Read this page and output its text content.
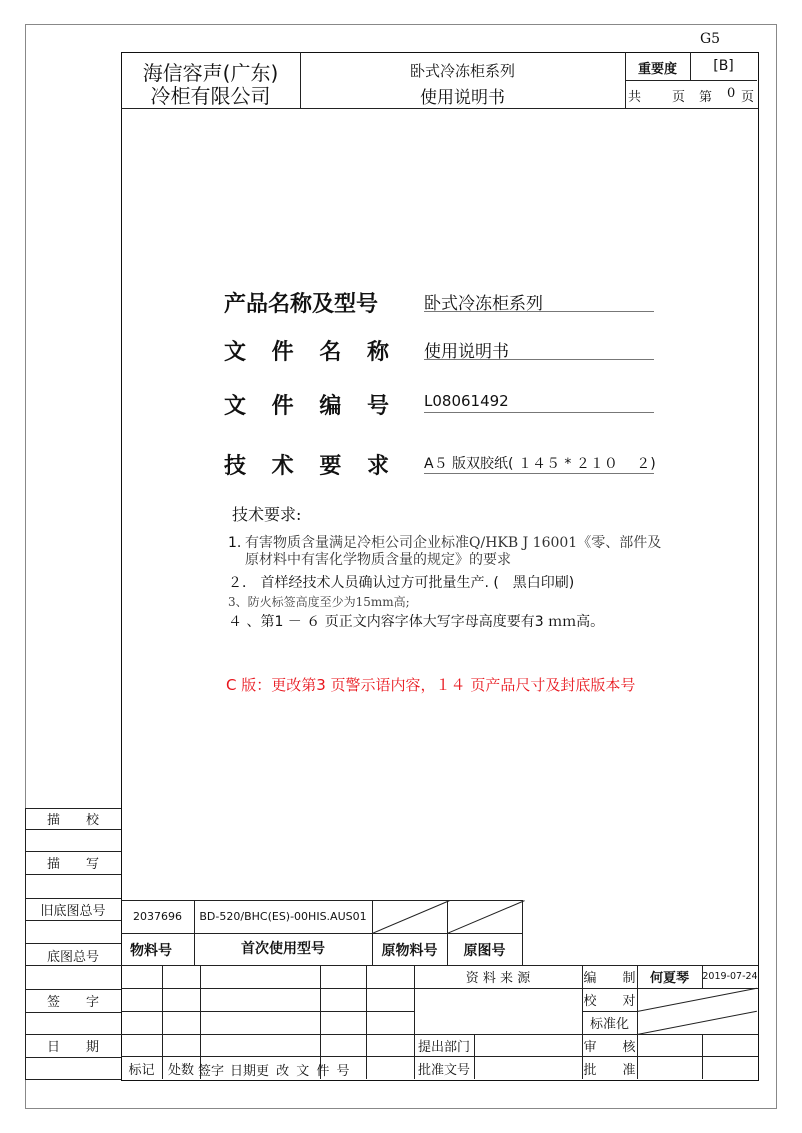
G5
海信容声(广东)
冷柜有限公司
卧式冷冻柜系列
使用说明书
重要度	[B]
共 页 第 0 页
产品名称及型号	卧式冷冻柜系列
文 件 名 称 使用说明书
文 件 编 号 L08061492
技 术 要 求	A５ 版双胶纸( １４５ * ２１０　 ２)
技术要求:
1. 有害物质含量满足冷柜公司企业标准Q/HKB J 16001《零、部件及
原材料中有害化学物质含量的规定》的要求
２． 首样经技术人员确认过方可批量生产. (　黑白印刷)
3、防火标签高度至少为15mm高;
４ 、第1 － ６ 页正文内容字体大写字母高度要有3 ｍｍ高。
C 版：更改第3 页警示语内容，１４ 页产品尺寸及封底版本号
描　　校
描　　写
旧底图总号
底图总号
签　　字
日　　期
2037696	BD-520/BHC(ES)-00HIS.AUS01
物料号	首次使用型号	原物料号	原图号
资 料 来 源
提出部门
批准文号
标记	处数 签字 日期更 改 文 件 号
编　　制	何夏琴	2019-07-24
校　　对
标准化
审　　核
批　　准
